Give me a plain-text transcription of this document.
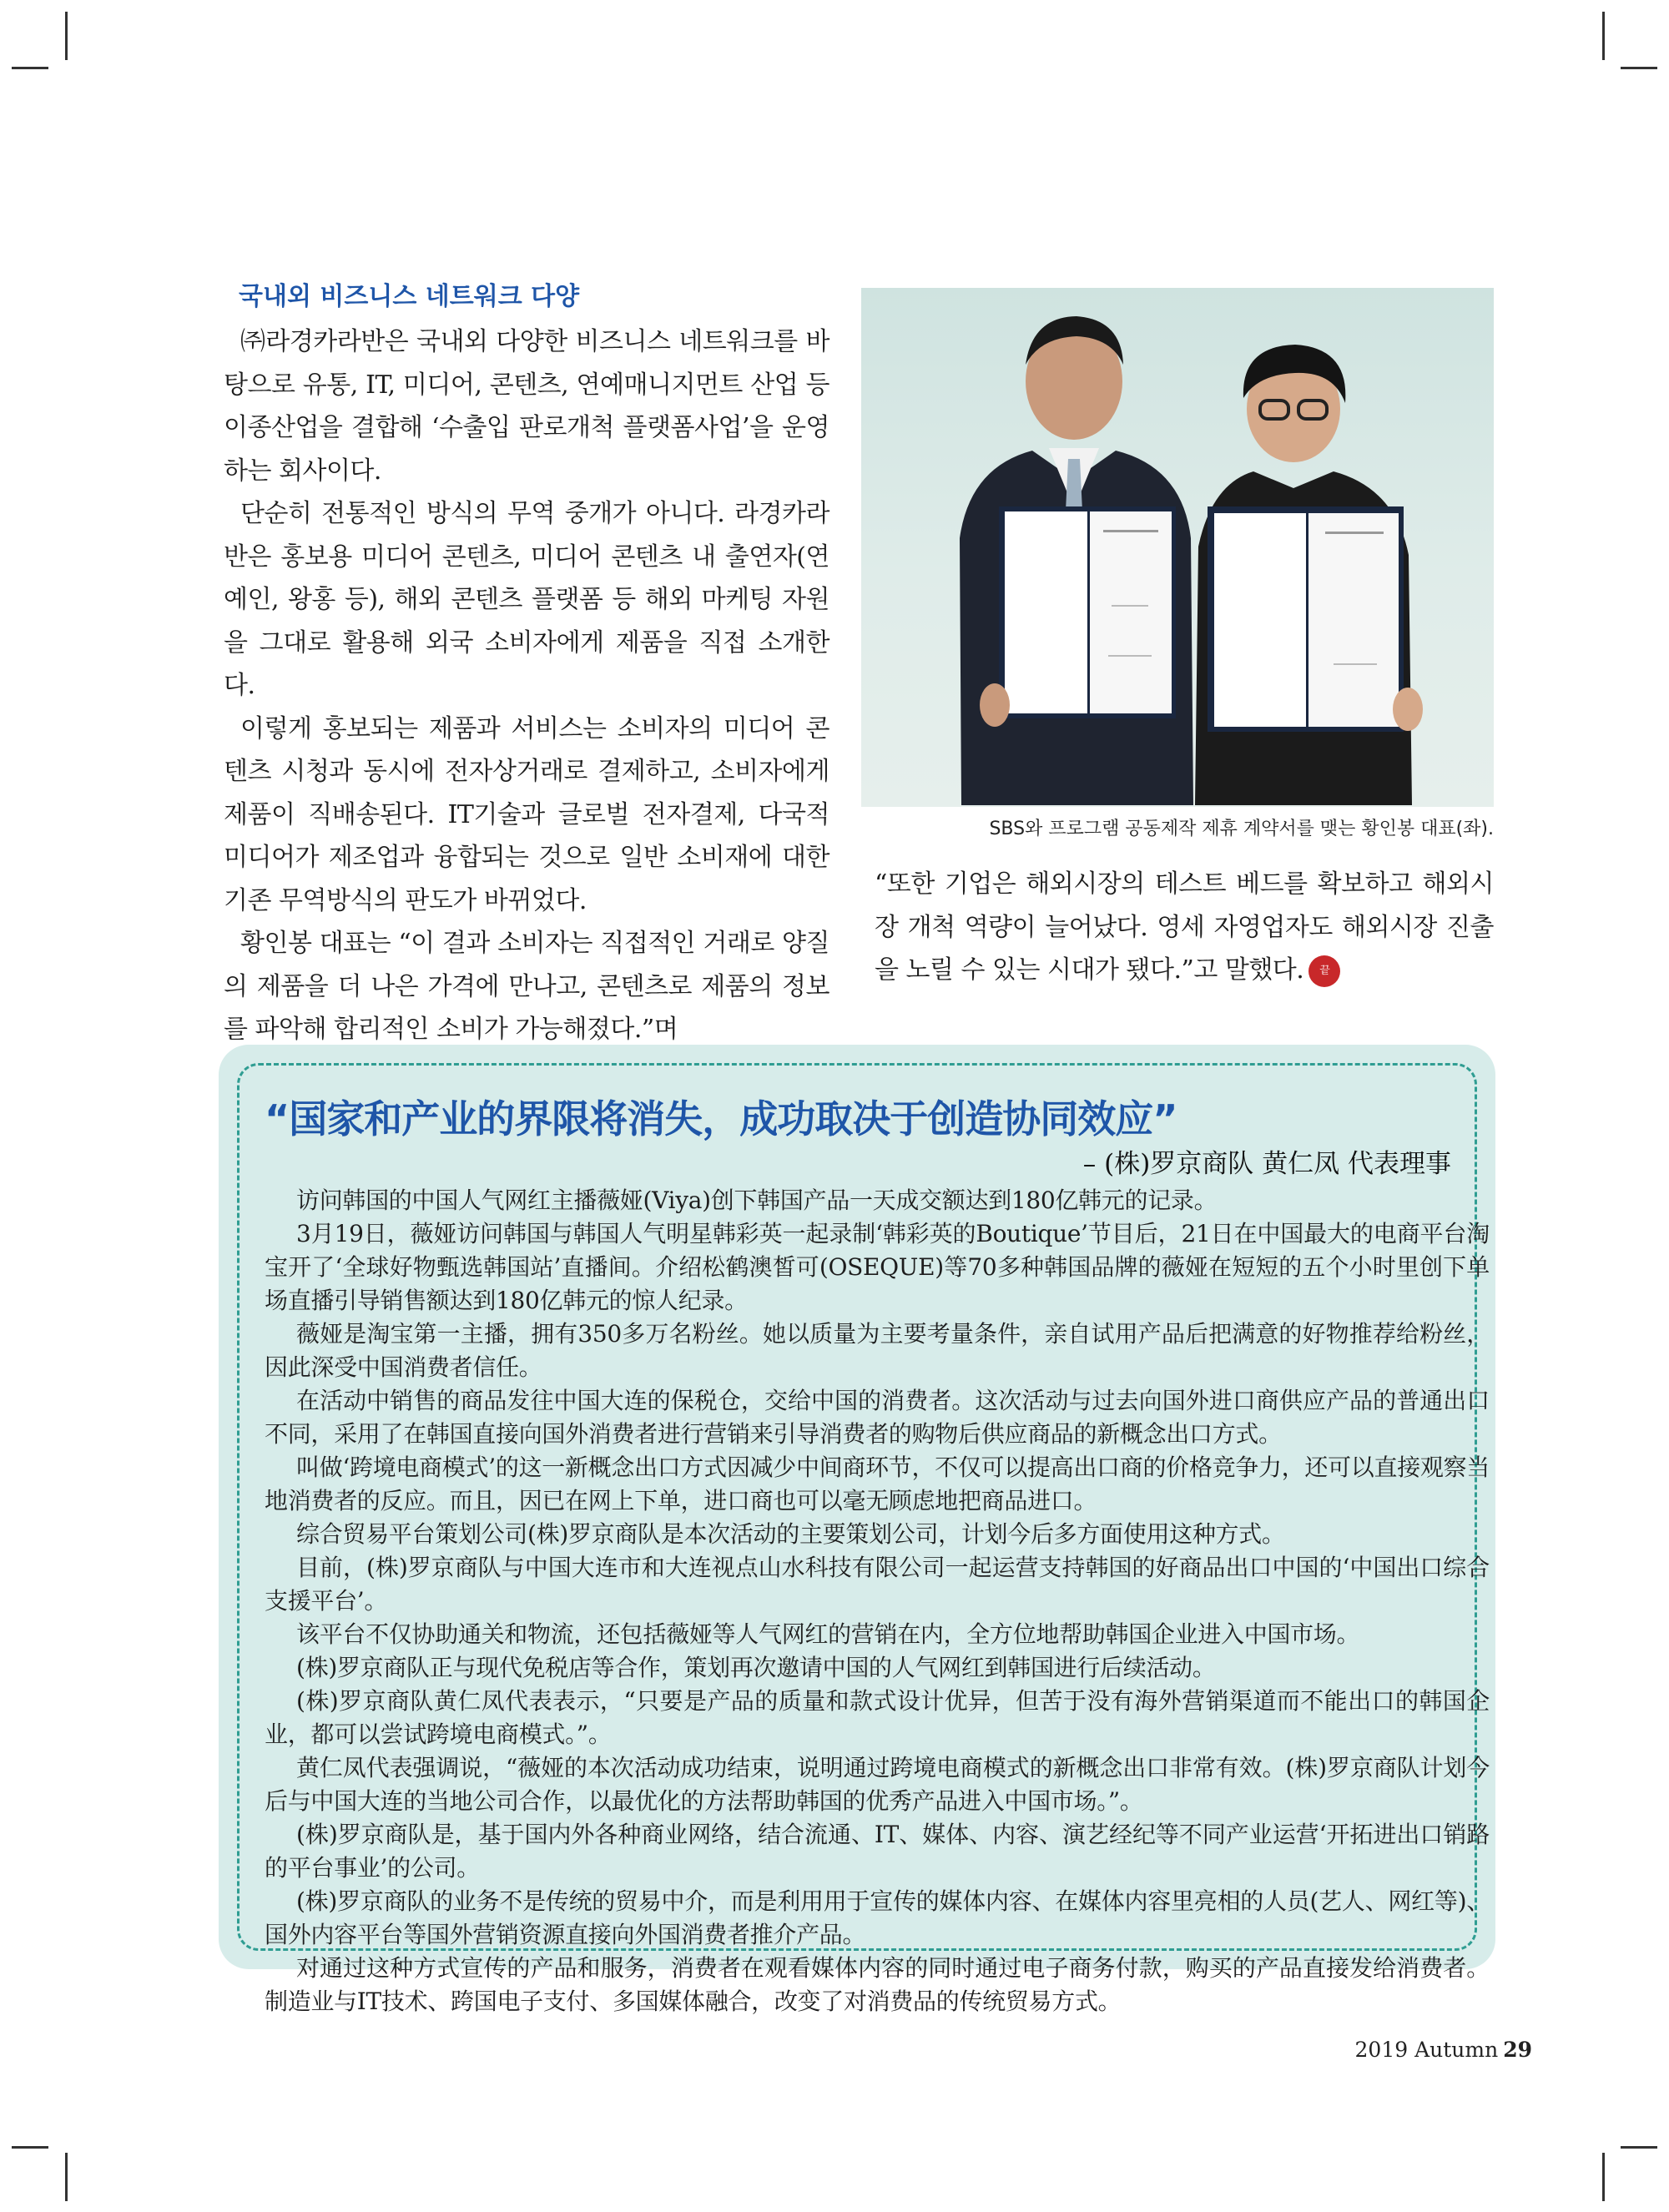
국내외 비즈니스 네트워크 다양

㈜라경카라반은 국내외 다양한 비즈니스 네트워크를 바탕으로 유통, IT, 미디어, 콘텐츠, 연예매니지먼트 산업 등 이종산업을 결합해 ‘수출입 판로개척 플랫폼사업’을 운영하는 회사이다.

단순히 전통적인 방식의 무역 중개가 아니다. 라경카라반은 홍보용 미디어 콘텐츠, 미디어 콘텐츠 내 출연자(연예인, 왕홍 등), 해외 콘텐츠 플랫폼 등 해외 마케팅 자원을 그대로 활용해 외국 소비자에게 제품을 직접 소개한다.

이렇게 홍보되는 제품과 서비스는 소비자의 미디어 콘텐츠 시청과 동시에 전자상거래로 결제하고, 소비자에게 제품이 직배송된다. IT기술과 글로벌 전자결제, 다국적 미디어가 제조업과 융합되는 것으로 일반 소비재에 대한 기존 무역방식의 판도가 바뀌었다.

황인봉 대표는 “이 결과 소비자는 직접적인 거래로 양질의 제품을 더 나은 가격에 만나고, 콘텐츠로 제품의 정보를 파악해 합리적인 소비가 가능해졌다.”며

SBS와 프로그램 공동제작 제휴 계약서를 맺는 황인봉 대표(좌).

“또한 기업은 해외시장의 테스트 베드를 확보하고 해외시장 개척 역량이 늘어났다. 영세 자영업자도 해외시장 진출을 노릴 수 있는 시대가 됐다.”고 말했다. 끝

“国家和产业的界限将消失，成功取决于创造协同效应”

– (株)罗京商队 黄仁凤 代表理事

访问韩国的中国人气网红主播薇娅(Viya)创下韩国产品一天成交额达到180亿韩元的记录。

3月19日，薇娅访问韩国与韩国人气明星韩彩英一起录制‘韩彩英的Boutique’节目后，21日在中国最大的电商平台淘宝开了‘全球好物甄选韩国站’直播间。介绍松鹤澳皙可(OSEQUE)等70多种韩国品牌的薇娅在短短的五个小时里创下单场直播引导销售额达到180亿韩元的惊人纪录。

薇娅是淘宝第一主播，拥有350多万名粉丝。她以质量为主要考量条件，亲自试用产品后把满意的好物推荐给粉丝，因此深受中国消费者信任。

在活动中销售的商品发往中国大连的保税仓，交给中国的消费者。这次活动与过去向国外进口商供应产品的普通出口不同，采用了在韩国直接向国外消费者进行营销来引导消费者的购物后供应商品的新概念出口方式。

叫做‘跨境电商模式’的这一新概念出口方式因减少中间商环节，不仅可以提高出口商的价格竞争力，还可以直接观察当地消费者的反应。而且，因已在网上下单，进口商也可以毫无顾虑地把商品进口。

综合贸易平台策划公司(株)罗京商队是本次活动的主要策划公司，计划今后多方面使用这种方式。

目前，(株)罗京商队与中国大连市和大连视点山水科技有限公司一起运营支持韩国的好商品出口中国的‘中国出口综合支援平台’。

该平台不仅协助通关和物流，还包括薇娅等人气网红的营销在内，全方位地帮助韩国企业进入中国市场。

(株)罗京商队正与现代免税店等合作，策划再次邀请中国的人气网红到韩国进行后续活动。

(株)罗京商队黄仁凤代表表示，“只要是产品的质量和款式设计优异，但苦于没有海外营销渠道而不能出口的韩国企业，都可以尝试跨境电商模式。”。

黄仁凤代表强调说，“薇娅的本次活动成功结束，说明通过跨境电商模式的新概念出口非常有效。(株)罗京商队计划今后与中国大连的当地公司合作，以最优化的方法帮助韩国的优秀产品进入中国市场。”。

(株)罗京商队是，基于国内外各种商业网络，结合流通、IT、媒体、内容、演艺经纪等不同产业运营‘开拓进出口销路的平台事业’的公司。

(株)罗京商队的业务不是传统的贸易中介，而是利用用于宣传的媒体内容、在媒体内容里亮相的人员(艺人、网红等)、国外内容平台等国外营销资源直接向外国消费者推介产品。

对通过这种方式宣传的产品和服务，消费者在观看媒体内容的同时通过电子商务付款，购买的产品直接发给消费者。制造业与IT技术、跨国电子支付、多国媒体融合，改变了对消费品的传统贸易方式。

2019 Autumn 29
